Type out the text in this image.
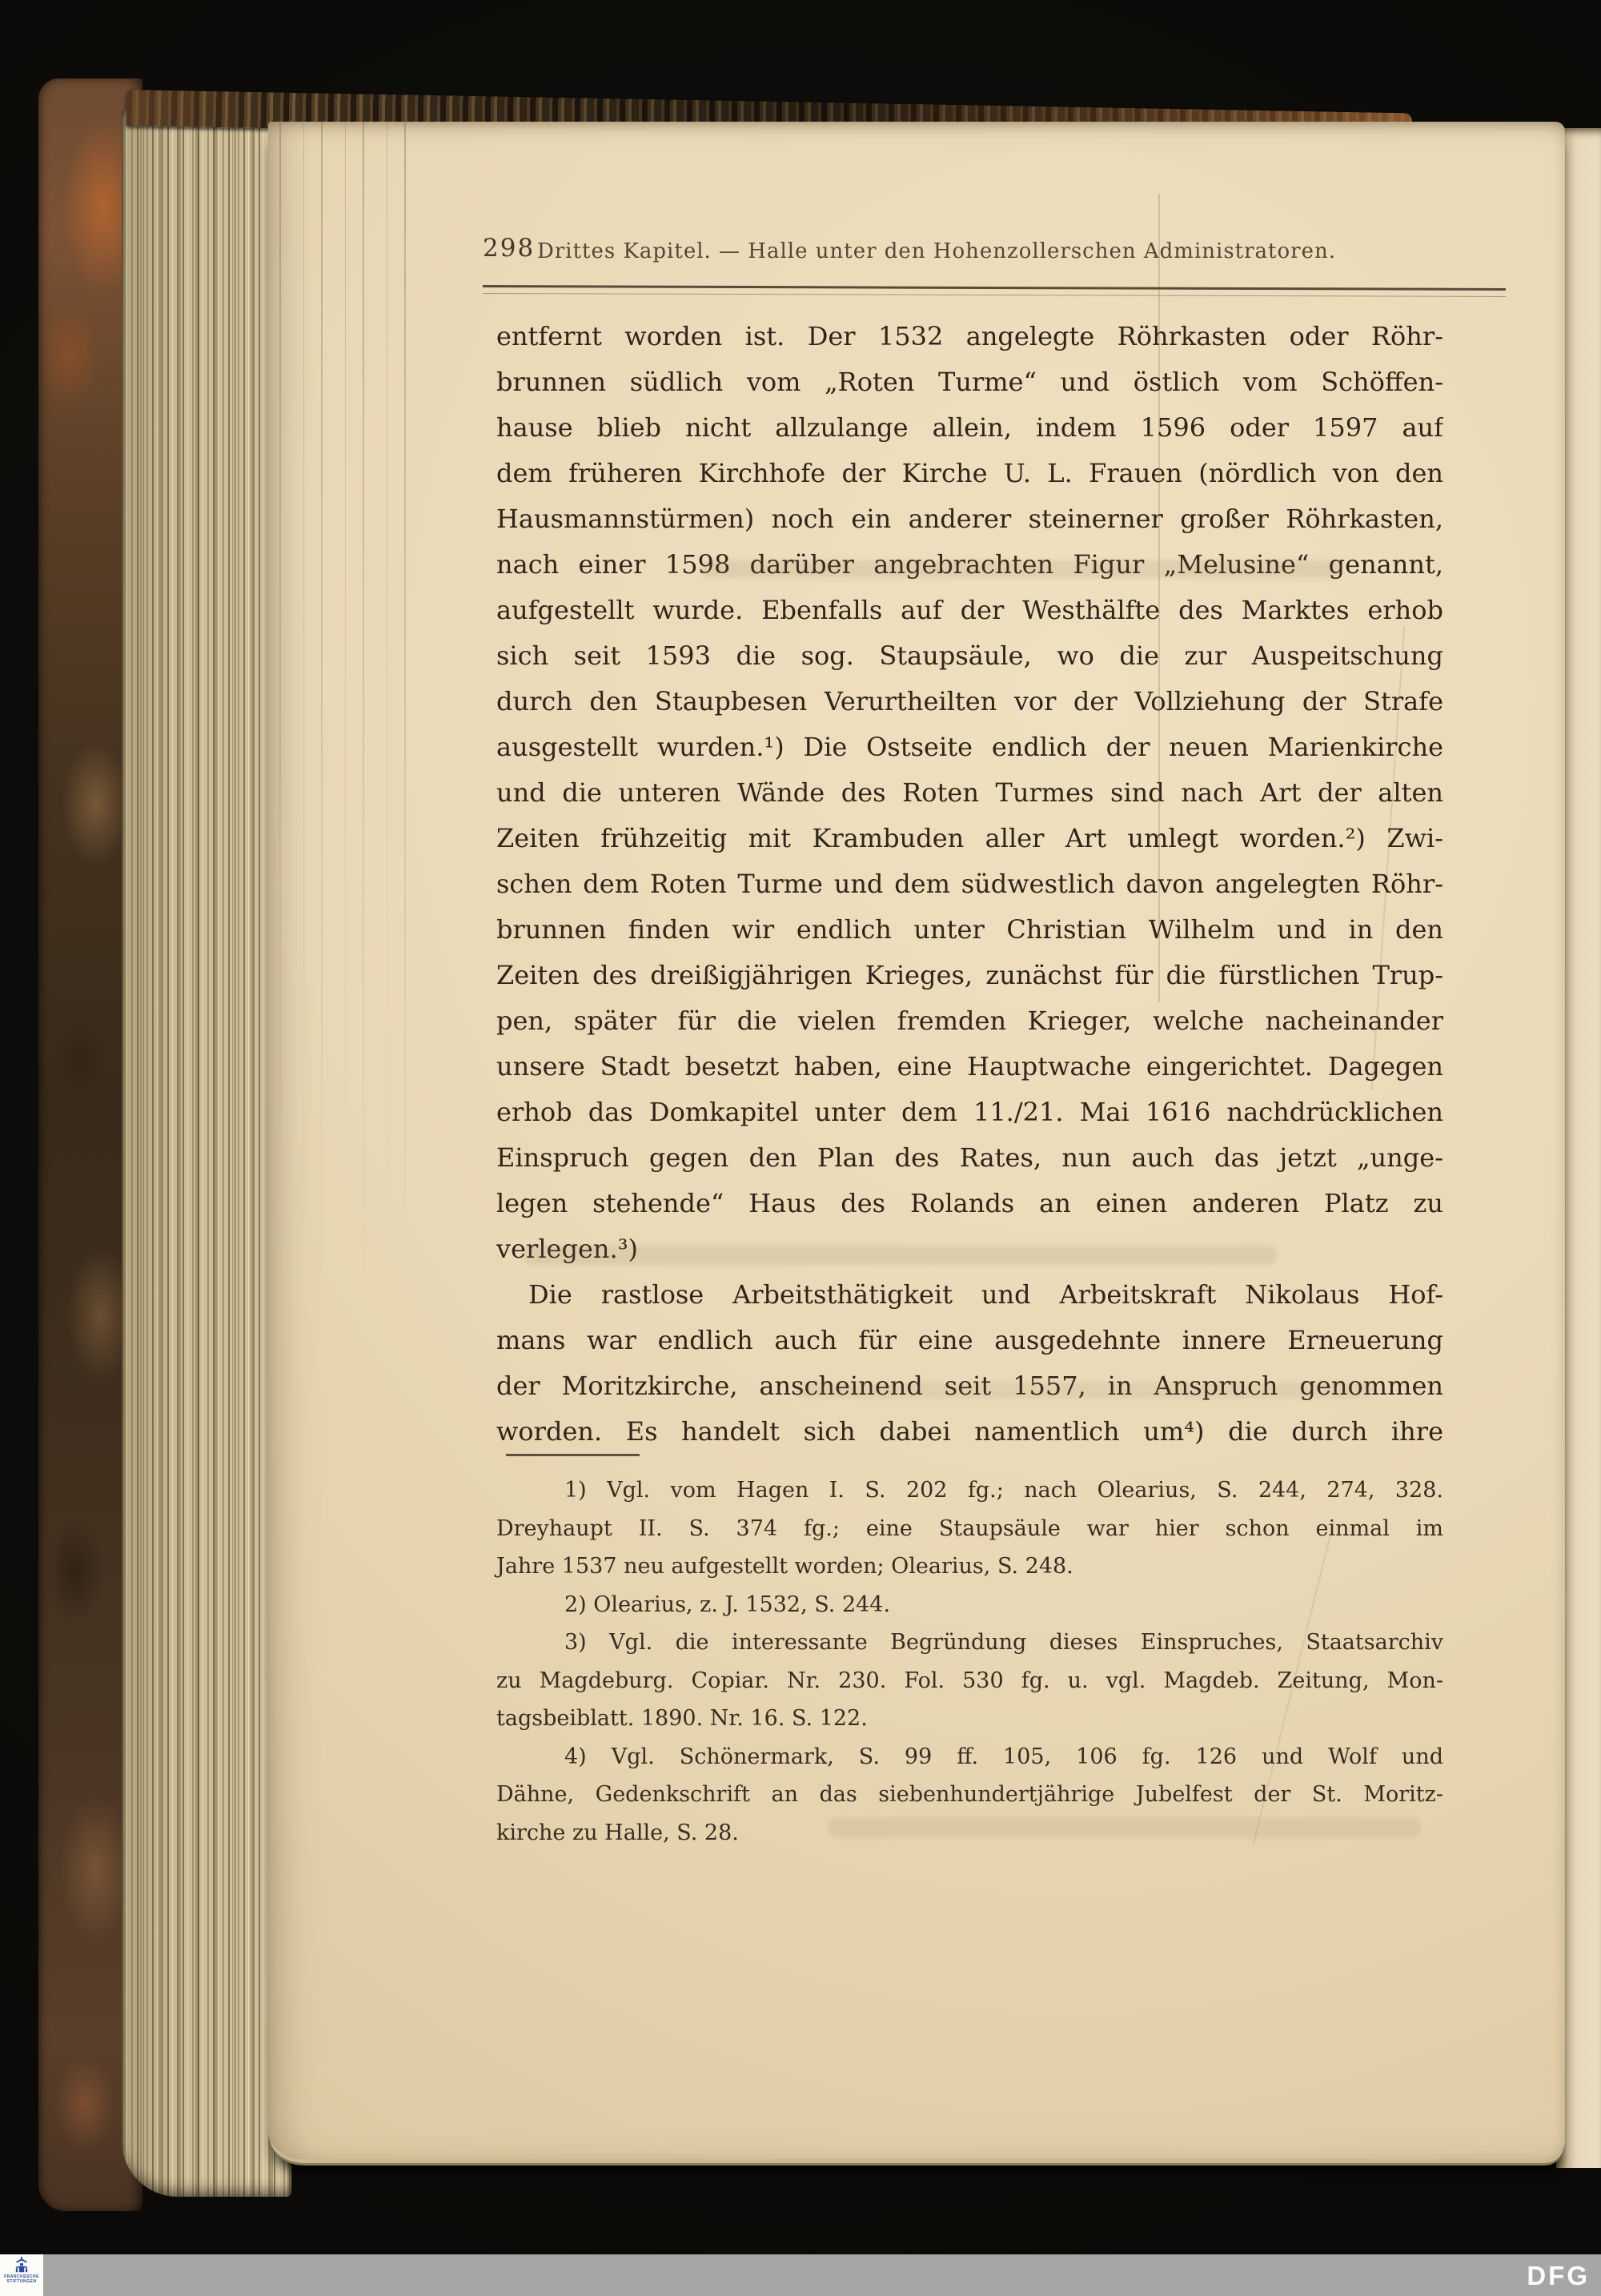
298 Drittes Kapitel. — Halle unter den Hohenzollerschen Administratoren.
entfernt worden ist. Der 1532 angelegte Röhrkasten oder Röhr-
brunnen südlich vom „Roten Turme“ und östlich vom Schöffen-
hause blieb nicht allzulange allein, indem 1596 oder 1597 auf
dem früheren Kirchhofe der Kirche U. L. Frauen (nördlich von den
Hausmannstürmen) noch ein anderer steinerner großer Röhrkasten,
nach einer 1598 darüber angebrachten Figur „Melusine“ genannt,
aufgestellt wurde. Ebenfalls auf der Westhälfte des Marktes erhob
sich seit 1593 die sog. Staupsäule, wo die zur Auspeitschung
durch den Staupbesen Verurtheilten vor der Vollziehung der Strafe
ausgestellt wurden.¹) Die Ostseite endlich der neuen Marienkirche
und die unteren Wände des Roten Turmes sind nach Art der alten
Zeiten frühzeitig mit Krambuden aller Art umlegt worden.²) Zwi-
schen dem Roten Turme und dem südwestlich davon angelegten Röhr-
brunnen finden wir endlich unter Christian Wilhelm und in den
Zeiten des dreißigjährigen Krieges, zunächst für die fürstlichen Trup-
pen, später für die vielen fremden Krieger, welche nacheinander
unsere Stadt besetzt haben, eine Hauptwache eingerichtet. Dagegen
erhob das Domkapitel unter dem 11./21. Mai 1616 nachdrücklichen
Einspruch gegen den Plan des Rates, nun auch das jetzt „unge-
legen stehende“ Haus des Rolands an einen anderen Platz zu
verlegen.³)
Die rastlose Arbeitsthätigkeit und Arbeitskraft Nikolaus Hof-
mans war endlich auch für eine ausgedehnte innere Erneuerung
der Moritzkirche, anscheinend seit 1557, in Anspruch genommen
worden. Es handelt sich dabei namentlich um⁴) die durch ihre
1) Vgl. vom Hagen I. S. 202 fg.; nach Olearius, S. 244, 274, 328.
Dreyhaupt II. S. 374 fg.; eine Staupsäule war hier schon einmal im
Jahre 1537 neu aufgestellt worden; Olearius, S. 248.
2) Olearius, z. J. 1532, S. 244.
3) Vgl. die interessante Begründung dieses Einspruches, Staatsarchiv
zu Magdeburg. Copiar. Nr. 230. Fol. 530 fg. u. vgl. Magdeb. Zeitung, Mon-
tagsbeiblatt. 1890. Nr. 16. S. 122.
4) Vgl. Schönermark, S. 99 ff. 105, 106 fg. 126 und Wolf und
Dähne, Gedenkschrift an das siebenhundertjährige Jubelfest der St. Moritz-
kirche zu Halle, S. 28.
FRANCKESCHE
STIFTUNGEN	DFG
